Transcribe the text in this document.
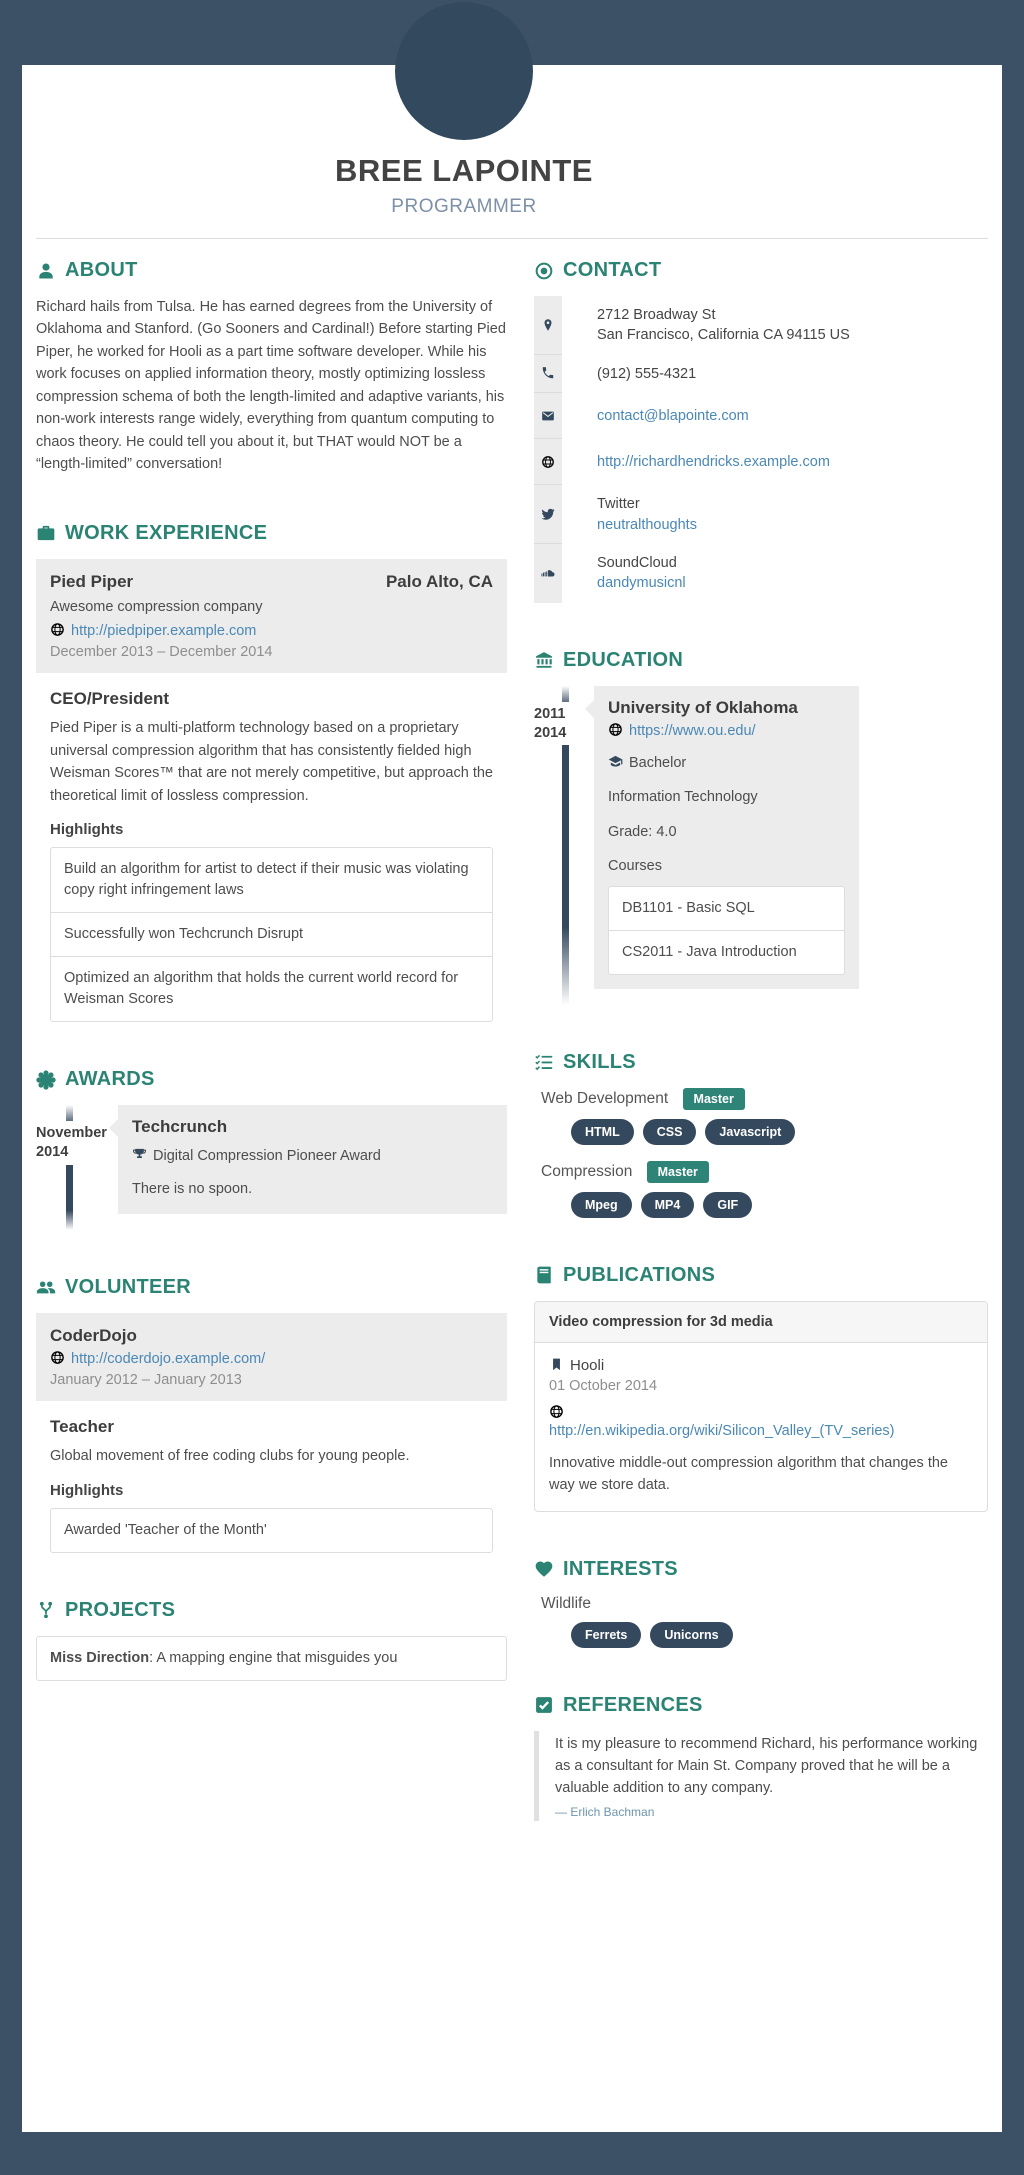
BREE LAPOINTE
PROGRAMMER
ABOUT

Richard hails from Tulsa. He has earned degrees from the University of Oklahoma and Stanford. (Go Sooners and Cardinal!) Before starting Pied Piper, he worked for Hooli as a part time software developer. While his work focuses on applied information theory, mostly optimizing lossless compression schema of both the length-limited and adaptive variants, his non-work interests range widely, everything from quantum computing to chaos theory. He could tell you about it, but THAT would NOT be a “length-limited” conversation!

WORK EXPERIENCE
Pied Piper	Palo Alto, CA
Awesome compression company
http://piedpiper.example.com
December 2013 – December 2014
CEO/President

Pied Piper is a multi-platform technology based on a proprietary universal compression algorithm that has consistently fielded high Weisman Scores™ that are not merely competitive, but approach the theoretical limit of lossless compression.

Highlights
Build an algorithm for artist to detect if their music was violating copy right infringement laws
Successfully won Techcrunch Disrupt
Optimized an algorithm that holds the current world record for Weisman Scores
AWARDS
November
2014
Techcrunch
Digital Compression Pioneer Award

There is no spoon.

VOLUNTEER
CoderDojo
http://coderdojo.example.com/
January 2012 – January 2013
Teacher

Global movement of free coding clubs for young people.

Highlights
Awarded 'Teacher of the Month'
PROJECTS
Miss Direction: A mapping engine that misguides you
CONTACT
2712 Broadway St
San Francisco, California CA 94115 US
(912) 555-4321
contact@blapointe.com
http://richardhendricks.example.com
Twitter
neutralthoughts
SoundCloud
dandymusicnl
EDUCATION
2011
2014
University of Oklahoma
https://www.ou.edu/
Bachelor
Information Technology
Grade: 4.0
Courses
DB1101 - Basic SQL
CS2011 - Java Introduction
SKILLS
Web Development Master
HTML	CSS	Javascript
Compression Master
Mpeg	MP4	GIF
PUBLICATIONS
Video compression for 3d media
Hooli
01 October 2014
http://en.wikipedia.org/wiki/Silicon_Valley_(TV_series)

Innovative middle-out compression algorithm that changes the way we store data.

INTERESTS
Wildlife
Ferrets	Unicorns
REFERENCES

It is my pleasure to recommend Richard, his performance working as a consultant for Main St. Company proved that he will be a valuable addition to any company.

— Erlich Bachman
